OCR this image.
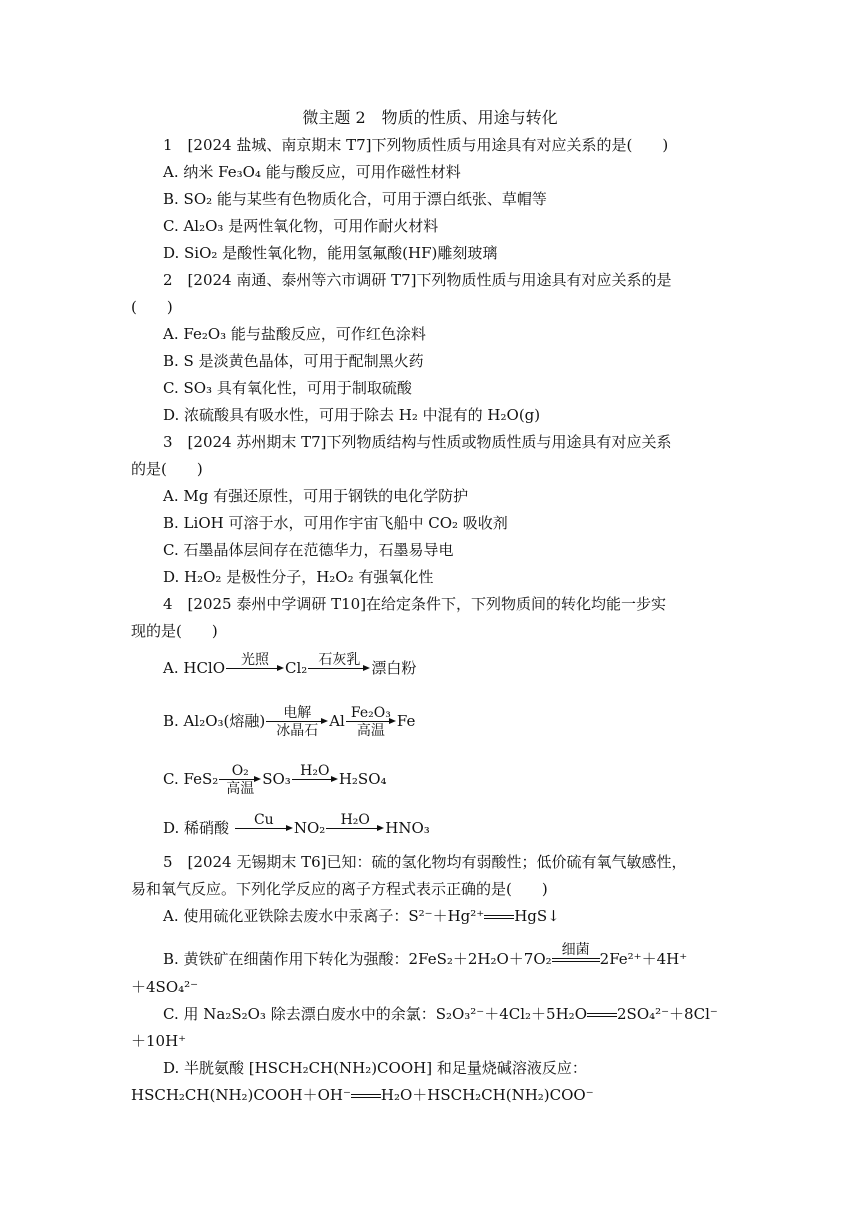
微主题 2　物质的性质、用途与转化
1　[2024 盐城、南京期末 T7]下列物质性质与用途具有对应关系的是(　　)
A. 纳米 Fe₃O₄ 能与酸反应，可用作磁性材料
B. SO₂ 能与某些有色物质化合，可用于漂白纸张、草帽等
C. Al₂O₃ 是两性氧化物，可用作耐火材料
D. SiO₂ 是酸性氧化物，能用氢氟酸(HF)雕刻玻璃
2　[2024 南通、泰州等六市调研 T7]下列物质性质与用途具有对应关系的是
(　　)
A. Fe₂O₃ 能与盐酸反应，可作红色涂料
B. S 是淡黄色晶体，可用于配制黑火药
C. SO₃ 具有氧化性，可用于制取硫酸
D. 浓硫酸具有吸水性，可用于除去 H₂ 中混有的 H₂O(g)
3　[2024 苏州期末 T7]下列物质结构与性质或物质性质与用途具有对应关系
的是(　　)
A. Mg 有强还原性，可用于钢铁的电化学防护
B. LiOH 可溶于水，可用作宇宙飞船中 CO₂ 吸收剂
C. 石墨晶体层间存在范德华力，石墨易导电
D. H₂O₂ 是极性分子，H₂O₂ 有强氧化性
4　[2025 泰州中学调研 T10]在给定条件下，下列物质间的转化均能一步实
现的是(　　)
A. HClO	光照
	Cl₂ 石灰乳
漂白粉
B. Al₂O₃(熔融)	电解
冰晶石
Al Fe₂O₃
高温
Fe
C. FeS₂ O₂
高温
SO₃ H₂O
H₂SO₄
D. 稀硝酸	Cu
	NO₂	H₂O
	HNO₃
5　[2024 无锡期末 T6]已知：硫的氢化物均有弱酸性；低价硫有氧气敏感性，
易和氧气反应。下列化学反应的离子方程式表示正确的是(　　)
A. 使用硫化亚铁除去废水中汞离子：S²⁻＋Hg²⁺ HgS↓
B. 黄铁矿在细菌作用下转化为强酸：2FeS₂＋2H₂O＋7O₂ 细菌
2Fe²⁺＋4H⁺
＋4SO₄²⁻
C. 用 Na₂S₂O₃ 除去漂白废水中的余氯：S₂O₃²⁻＋4Cl₂＋5H₂O 2SO₄²⁻＋8Cl⁻
＋10H⁺
D. 半胱氨酸 [HSCH₂CH(NH₂)COOH] 和足量烧碱溶液反应：
HSCH₂CH(NH₂)COOH＋OH⁻ H₂O＋HSCH₂CH(NH₂)COO⁻
